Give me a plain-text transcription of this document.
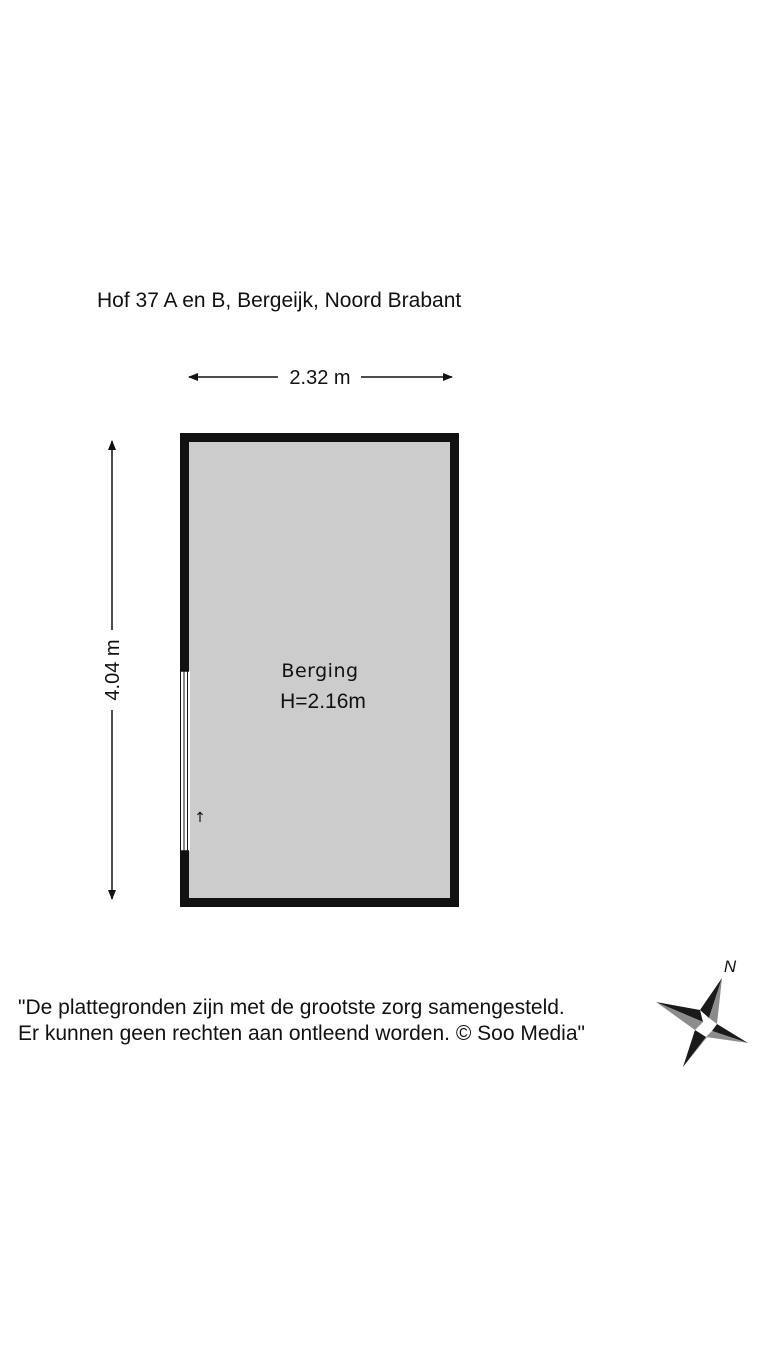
Hof 37 A en B, Bergeijk, Noord Brabant
2.32 m
4.04 m
↑
Berging
H=2.16m
N
"De plattegronden zijn met de grootste zorg samengesteld.
Er kunnen geen rechten aan ontleend worden. © Soo Media"
